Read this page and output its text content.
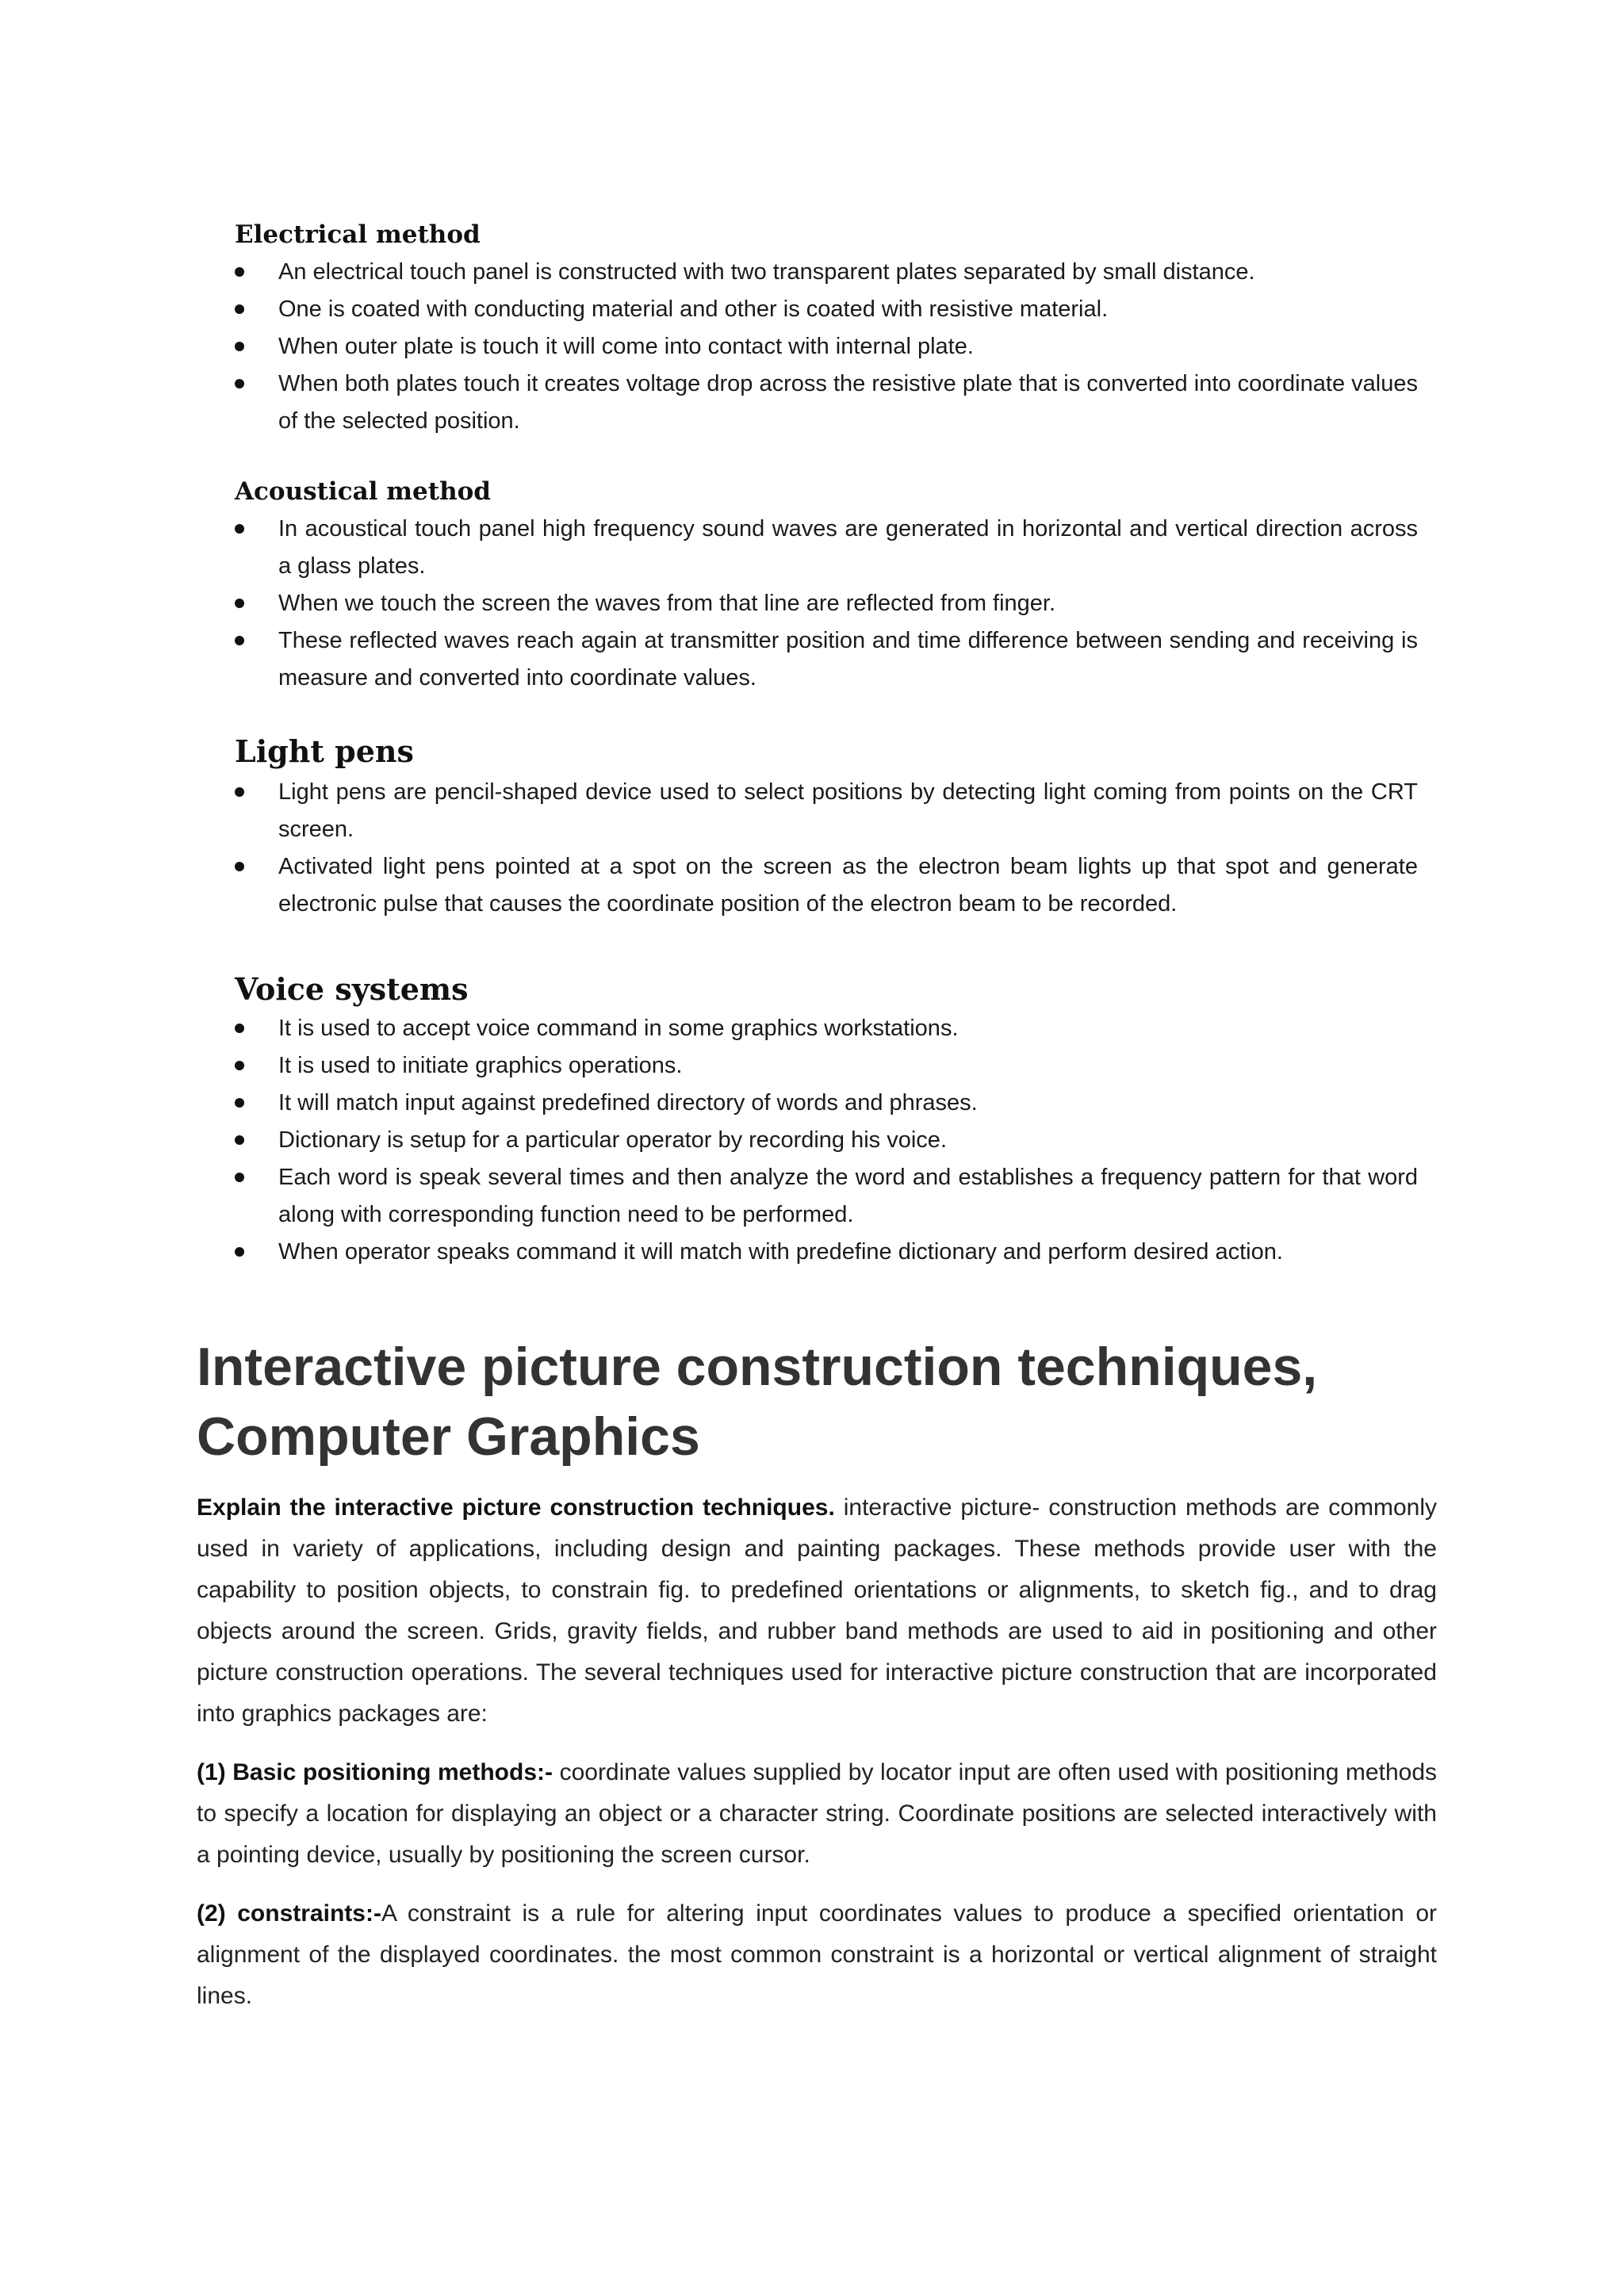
Electrical method
An electrical touch panel is constructed with two transparent plates separated by small distance.
One is coated with conducting material and other is coated with resistive material.
When outer plate is touch it will come into contact with internal plate.
When both plates touch it creates voltage drop across the resistive plate that is converted into coordinate values of the selected position.
Acoustical method
In acoustical touch panel high frequency sound waves are generated in horizontal and vertical direction across a glass plates.
When we touch the screen the waves from that line are reflected from finger.
These reflected waves reach again at transmitter position and time difference between sending and receiving is measure and converted into coordinate values.
Light pens
Light pens are pencil-shaped device used to select positions by detecting light coming from points on the CRT screen.
Activated light pens pointed at a spot on the screen as the electron beam lights up that spot and generate electronic pulse that causes the coordinate position of the electron beam to be recorded.
Voice systems
It is used to accept voice command in some graphics workstations.
It is used to initiate graphics operations.
It will match input against predefined directory of words and phrases.
Dictionary is setup for a particular operator by recording his voice.
Each word is speak several times and then analyze the word and establishes a frequency pattern for that word along with corresponding function need to be performed.
When operator speaks command it will match with predefine dictionary and perform desired action.
Interactive picture construction techniques, Computer Graphics

Explain the interactive picture construction techniques. interactive picture- construction methods are commonly used in variety of applications, including design and painting packages. These methods provide user with the capability to position objects, to constrain fig. to predefined orientations or alignments, to sketch fig., and to drag objects around the screen. Grids, gravity fields, and rubber band methods are used to aid in positioning and other picture construction operations. The several techniques used for interactive picture construction that are incorporated into graphics packages are:

(1) Basic positioning methods:- coordinate values supplied by locator input are often used with positioning methods to specify a location for displaying an object or a character string. Coordinate positions are selected interactively with a pointing device, usually by positioning the screen cursor.

(2) constraints:-A constraint is a rule for altering input coordinates values to produce a specified orientation or alignment of the displayed coordinates. the most common constraint is a horizontal or vertical alignment of straight lines.
